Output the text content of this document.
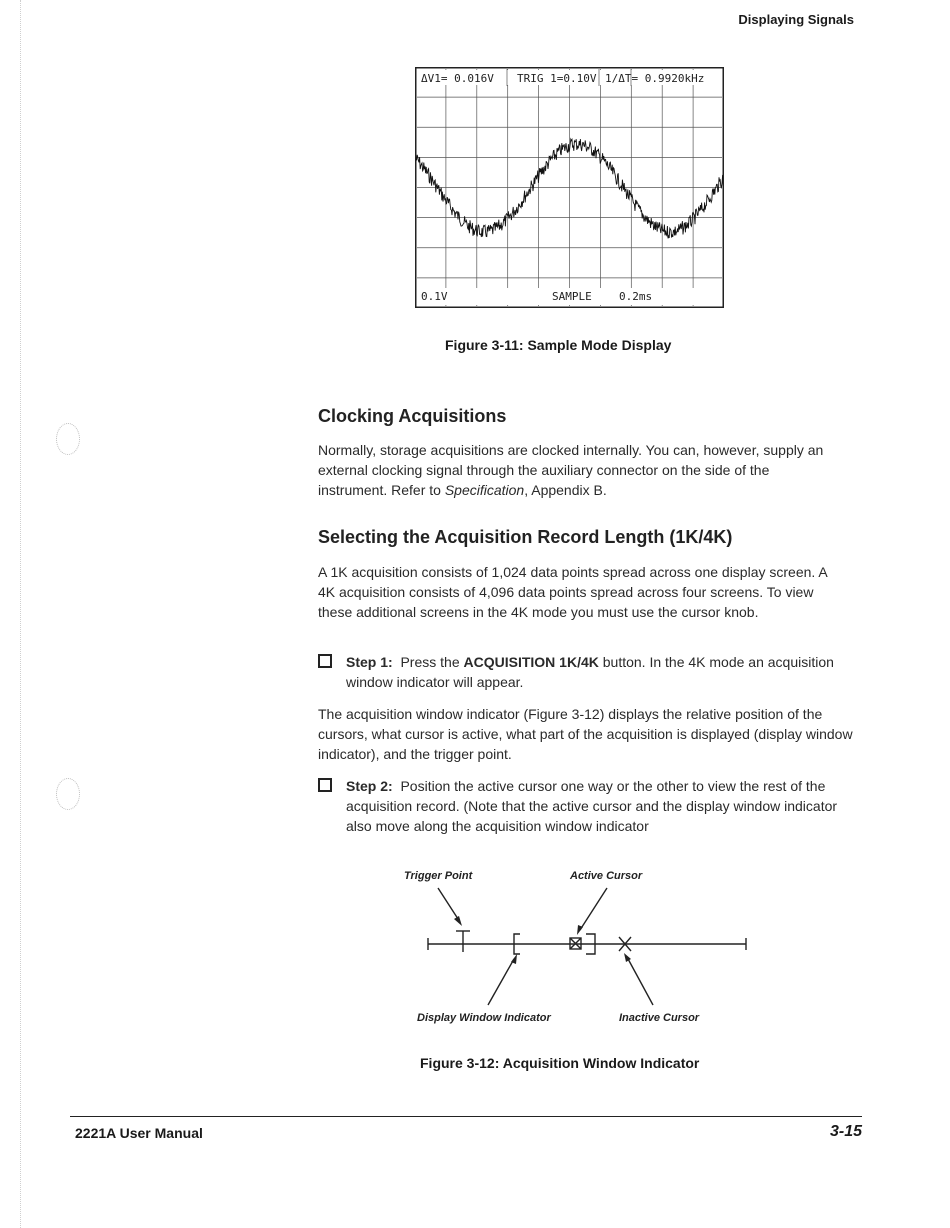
Displaying Signals
ΔV1= 0.016V TRIG 1=0.10V 1/ΔT= 0.9920kHz
0.1V	SAMPLE 0.2ms
Figure 3-11: Sample Mode Display
Clocking Acquisitions
Normally, storage acquisitions are clocked internally. You can, however, supply an external clocking signal through the auxiliary connector on the side of the instrument. Refer to Specification, Appendix B.
Selecting the Acquisition Record Length (1K/4K)
A 1K acquisition consists of 1,024 data points spread across one display screen. A 4K acquisition consists of 4,096 data points spread across four screens. To view these additional screens in the 4K mode you must use the cursor knob.
Step 1: Press the ACQUISITION 1K/4K button. In the 4K mode an acquisition window indicator will appear.
The acquisition window indicator (Figure 3-12) displays the relative position of the cursors, what cursor is active, what part of the acquisition is displayed (display window indicator), and the trigger point.
Step 2: Position the active cursor one way or the other to view the rest of the acquisition record. (Note that the active cursor and the display window indicator also move along the acquisition window indicator
Trigger Point	Active Cursor
Display Window Indicator	Inactive Cursor
Figure 3-12: Acquisition Window Indicator
2221A User Manual	3-15
